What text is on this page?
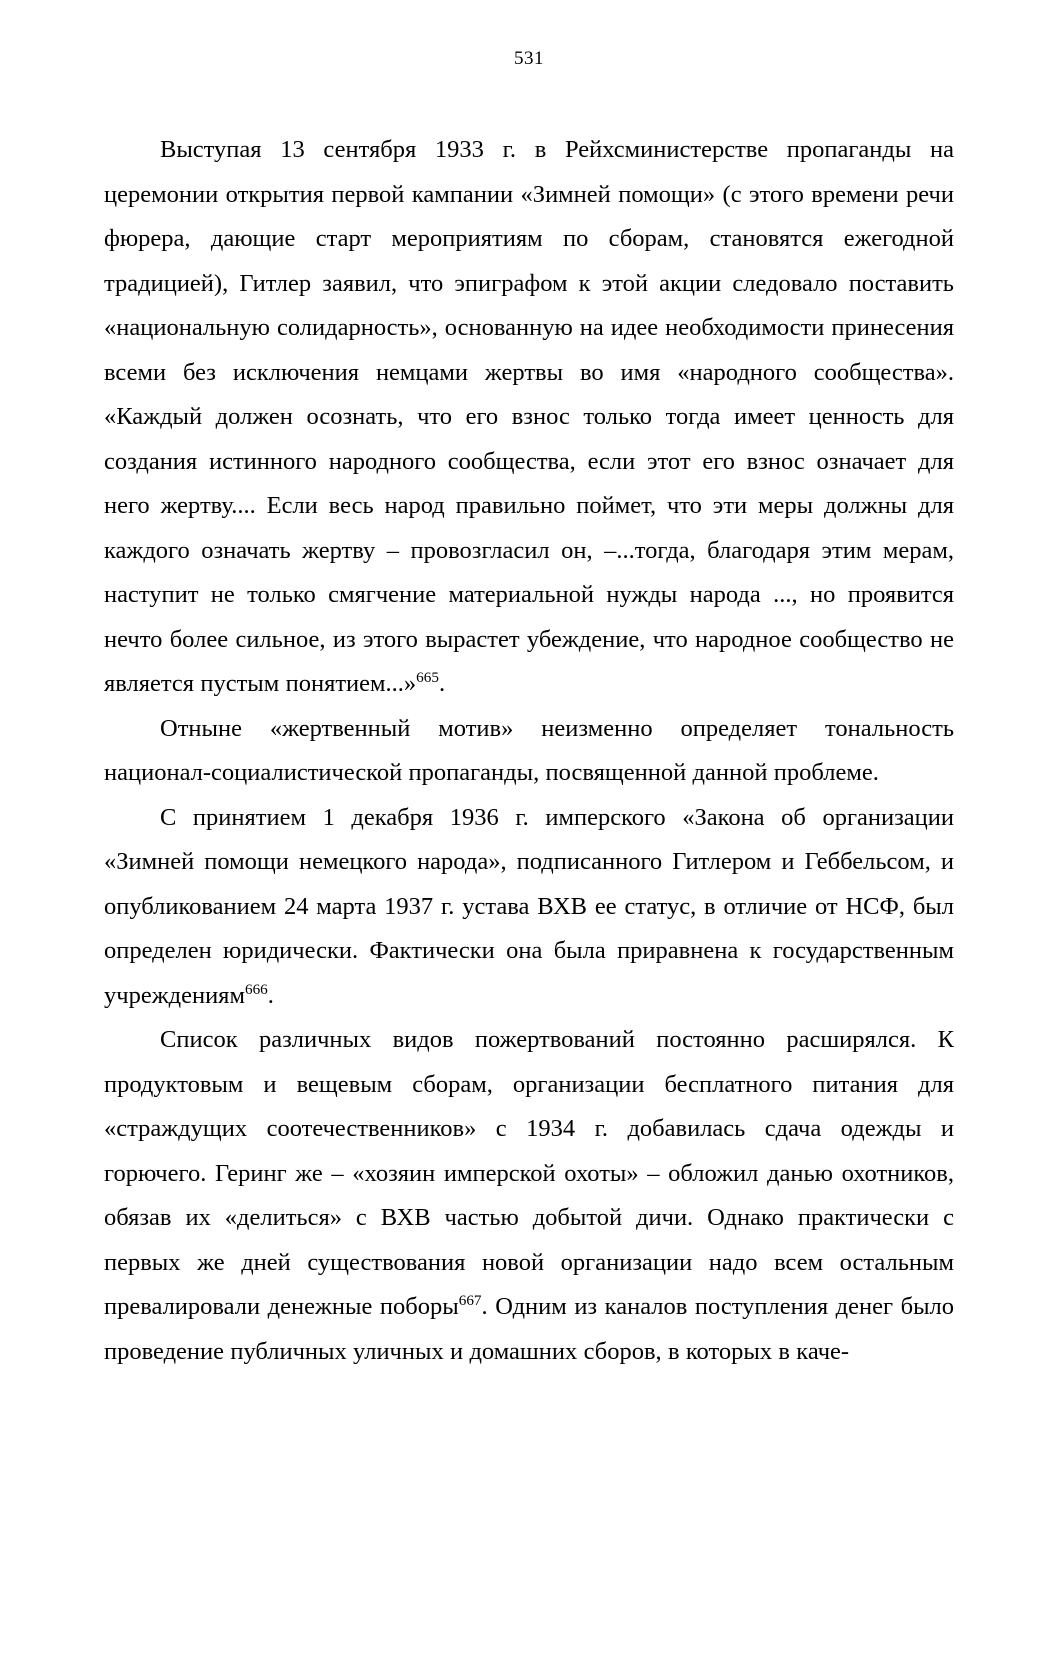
531

Выступая 13 сентября 1933 г. в Рейхсминистерстве пропаганды на церемонии открытия первой кампании «Зимней помощи» (с этого времени речи фюрера, дающие старт мероприятиям по сборам, становятся ежегодной традицией), Гитлер заявил, что эпиграфом к этой акции следовало поставить «национальную солидарность», основанную на идее необходимости принесения всеми без исключения немцами жертвы во имя «народного сообщества». «Каждый должен осознать, что его взнос только тогда имеет ценность для создания истинного народного сообщества, если этот его взнос означает для него жертву.... Если весь народ правильно поймет, что эти меры должны для каждого означать жертву – провозгласил он, –...тогда, благодаря этим мерам, наступит не только смягчение материальной нужды народа ..., но проявится нечто более сильное, из этого вырастет убеждение, что народное сообщество не является пустым понятием...»$^{665}$.

Отныне «жертвенный мотив» неизменно определяет тональность национал-социалистической пропаганды, посвященной данной проблеме.

С принятием 1 декабря 1936 г. имперского «Закона об организации «Зимней помощи немецкого народа», подписанного Гитлером и Геббельсом, и опубликованием 24 марта 1937 г. устава ВХВ ее статус, в отличие от НСФ, был определен юридически. Фактически она была приравнена к государственным учреждениям$^{666}$.

Список различных видов пожертвований постоянно расширялся. К продуктовым и вещевым сборам, организации бесплатного питания для «страждущих соотечественников» с 1934 г. добавилась сдача одежды и горючего. Геринг же – «хозяин имперской охоты» – обложил данью охотников, обязав их «делиться» с ВХВ частью добытой дичи. Однако практически с первых же дней существования новой организации надо всем остальным превалировали денежные поборы$^{667}$. Одним из каналов поступления денег было проведение публичных уличных и домашних сборов, в которых в каче-
